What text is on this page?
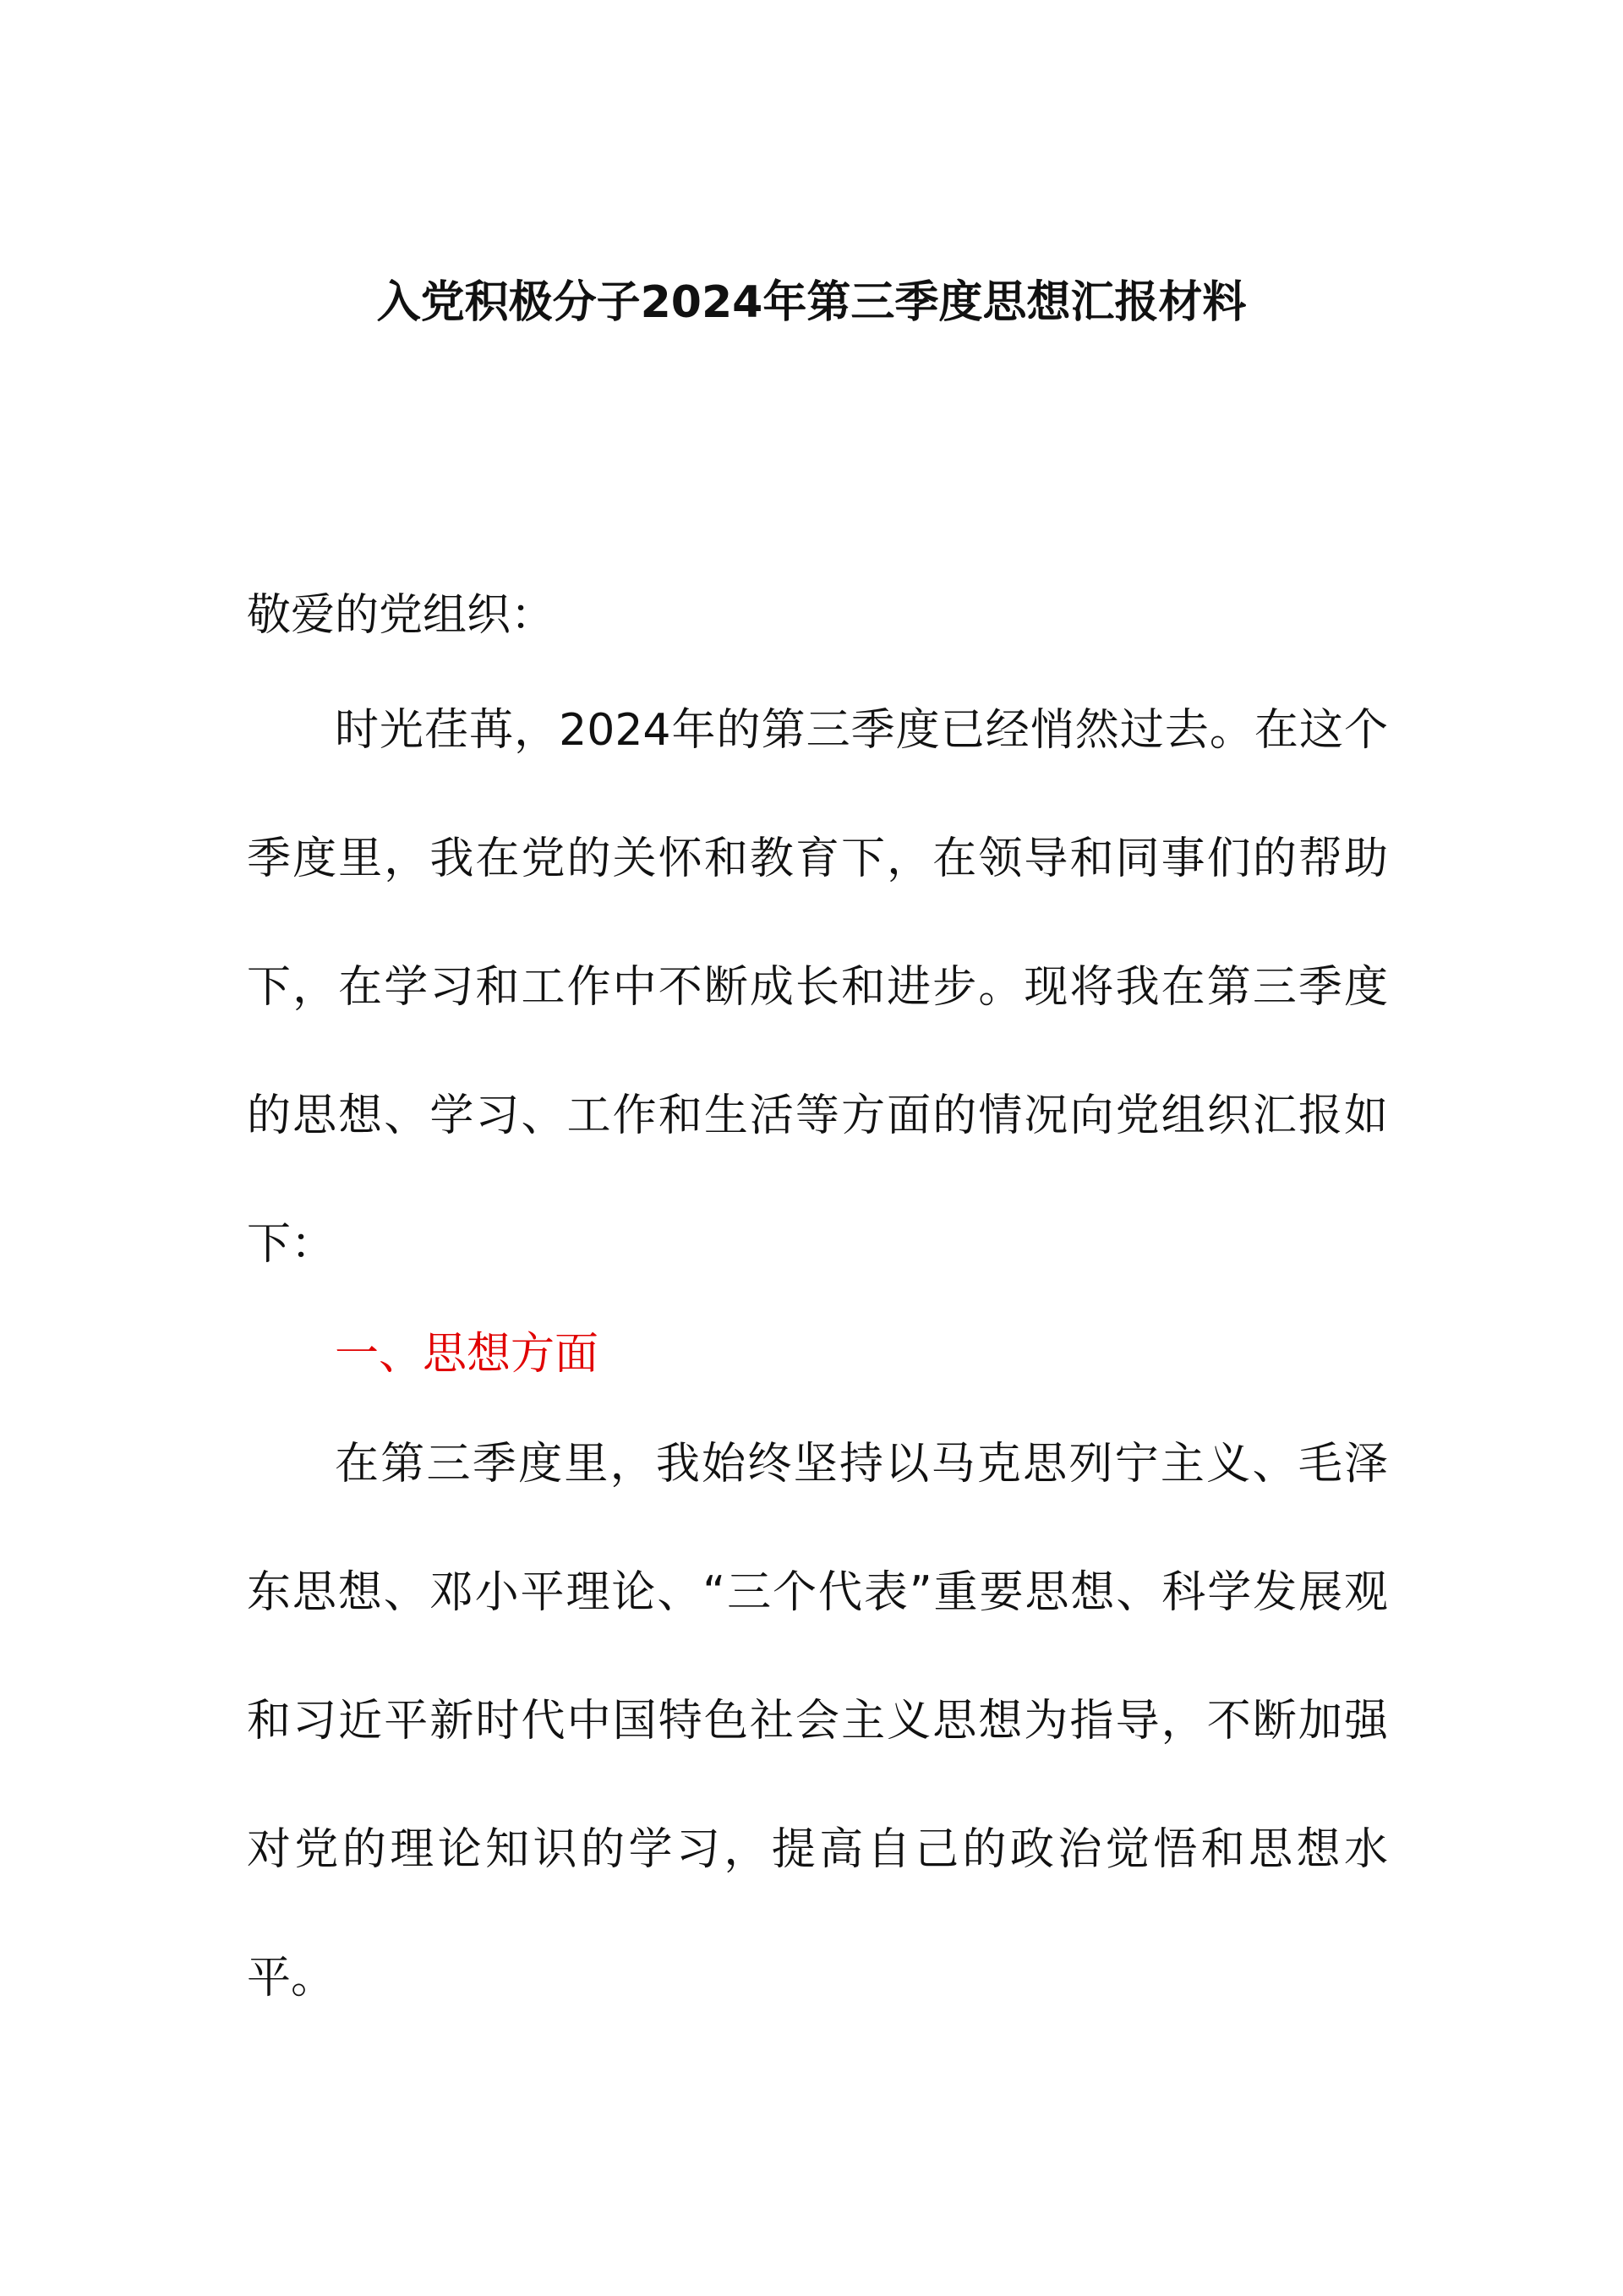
入党积极分子2024年第三季度思想汇报材料
敬爱的党组织：

时光荏苒，2024年的第三季度已经悄然过去。在这个季度里，我在党的关怀和教育下，在领导和同事们的帮助下，在学习和工作中不断成长和进步。现将我在第三季度的思想、学习、工作和生活等方面的情况向党组织汇报如下：

一、思想方面

在第三季度里，我始终坚持以马克思列宁主义、毛泽东思想、邓小平理论、“三个代表”重要思想、科学发展观和习近平新时代中国特色社会主义思想为指导，不断加强对党的理论知识的学习，提高自己的政治觉悟和思想水平。
